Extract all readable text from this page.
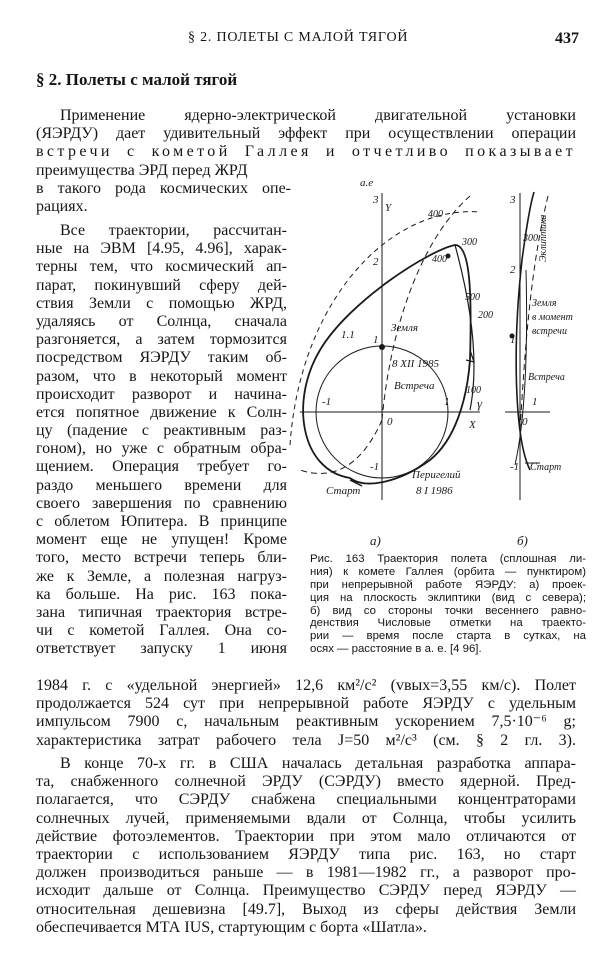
§ 2. ПОЛЕТЫ С МАЛОЙ ТЯГОЙ	437
§ 2. Полеты с малой тягой
Применение ядерно-электрической двигательной установки
(ЯЭРДУ) дает удивительный эффект при осуществлении операции
встречи с кометой Галлея и отчетливо показывает
преимущества ЭРД перед ЖРД
в такого рода космических опе-
рациях.
Все траектории, рассчитан-
ные на ЭВМ [4.95, 4.96], харак-
терны тем, что космический ап-
парат, покинувший сферу дей-
ствия Земли с помощью ЖРД,
удаляясь от Солнца, сначала
разгоняется, а затем тормозится
посредством ЯЭРДУ таким об-
разом, что в некоторый момент
происходит разворот и начина-
ется попятное движение к Солн-
цу (падение с реактивным раз-
гоном), но уже с обратным обра-
щением. Операция требует го-
раздо меньшего времени для
своего завершения по сравнению
с облетом Юпитера. В принципе
момент еще не упущен! Кроме
того, место встречи теперь бли-
же к Земле, а полезная нагруз-
ка больше. На рис. 163 пока-
зана типичная траектория встре-
чи с кометой Галлея. Она со-
ответствует запуску 1 июня
1984 г. с «удельной энергией» 12,6 км²/с² (vвых=3,55 км/с). Полет
продолжается 524 сут при непрерывной работе ЯЭРДУ с удельным
импульсом 7900 с, начальным реактивным ускорением 7,5·10⁻⁶ g;
характеристика затрат рабочего тела J=50 м²/с³ (см. § 2 гл. 3).
В конце 70-х гг. в США началась детальная разработка аппара-
та, снабженного солнечной ЭРДУ (СЭРДУ) вместо ядерной. Пред-
полагается, что СЭРДУ снабжена специальными концентраторами
солнечных лучей, применяемыми вдали от Солнца, чтобы усилить
действие фотоэлементов. Траектории при этом мало отличаются от
траектории с использованием ЯЭРДУ типа рис. 163, но старт
должен производиться раньше — в 1981—1982 гг., а разворот про-
исходит дальше от Солнца. Преимущество СЭРДУ перед ЯЭРДУ —
относительная дешевизна [49.7], Выход из сферы действия Земли
обеспечивается МТА IUS, стартующим с борта «Шатла».
а.е
Y
X
γ
3
2
1
-1
-1
0
1
1.1
Земля
8 XII 1985
Встреча
Старт
Перигелий
8 I 1986
100
200
300
400
400
500
а)
3
2
1
-1
0
1
Эклиптика
Земля
в момент
встречи
Встреча
Старт
300
б)
Рис. 163 Траектория полета (сплошная ли-
ния) к комете Галлея (орбита — пунктиром)
при непрерывной работе ЯЭРДУ: а) проек-
ция на плоскость эклиптики (вид с севера);
б) вид со стороны точки весеннего равно-
денствия Числовые отметки на траекто-
рии — время после старта в сутках, на
осях — расстояние в а. е. [4 96].
